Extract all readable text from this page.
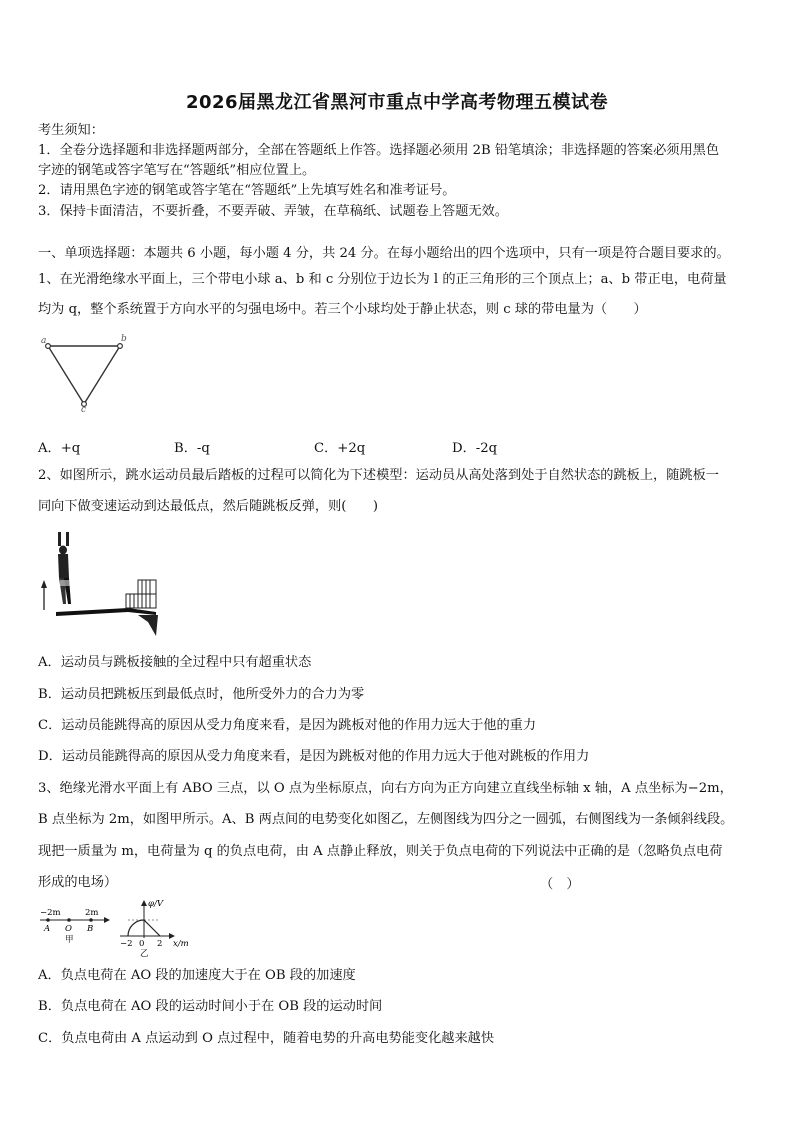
2026届黑龙江省黑河市重点中学高考物理五模试卷
考生须知：
1．全卷分选择题和非选择题两部分，全部在答题纸上作答。选择题必须用 2B 铅笔填涂；非选择题的答案必须用黑色
字迹的钢笔或答字笔写在“答题纸”相应位置上。
2．请用黑色字迹的钢笔或答字笔在“答题纸”上先填写姓名和准考证号。
3．保持卡面清洁，不要折叠，不要弄破、弄皱，在草稿纸、试题卷上答题无效。
一、单项选择题：本题共 6 小题，每小题 4 分，共 24 分。在每小题给出的四个选项中，只有一项是符合题目要求的。
1、在光滑绝缘水平面上，三个带电小球 a、b 和 c 分别位于边长为 l 的正三角形的三个顶点上；a、b 带正电，电荷量
均为 q，整个系统置于方向水平的匀强电场中。若三个小球均处于静止状态，则 c 球的带电量为（　　）
a	b
c
A．+q	B．-q	C．+2q	D．-2q
2、如图所示，跳水运动员最后踏板的过程可以简化为下述模型：运动员从高处落到处于自然状态的跳板上，随跳板一
同向下做变速运动到达最低点，然后随跳板反弹，则(　　)
A．运动员与跳板接触的全过程中只有超重状态
B．运动员把跳板压到最低点时，他所受外力的合力为零
C．运动员能跳得高的原因从受力角度来看，是因为跳板对他的作用力远大于他的重力
D．运动员能跳得高的原因从受力角度来看，是因为跳板对他的作用力远大于他对跳板的作用力
3、绝缘光滑水平面上有 ABO 三点，以 O 点为坐标原点，向右方向为正方向建立直线坐标轴 x 轴，A 点坐标为−2m，
B 点坐标为 2m，如图甲所示。A、B 两点间的电势变化如图乙，左侧图线为四分之一圆弧，右侧图线为一条倾斜线段。
现把一质量为 m，电荷量为 q 的负点电荷，由 A 点静止释放，则关于负点电荷的下列说法中正确的是（忽略负点电荷
形成的电场）	（　）
−2m	2m
A O B
甲
φ/V
x/m
−2 0 2
乙
A．负点电荷在 AO 段的加速度大于在 OB 段的加速度
B．负点电荷在 AO 段的运动时间小于在 OB 段的运动时间
C．负点电荷由 A 点运动到 O 点过程中，随着电势的升高电势能变化越来越快
